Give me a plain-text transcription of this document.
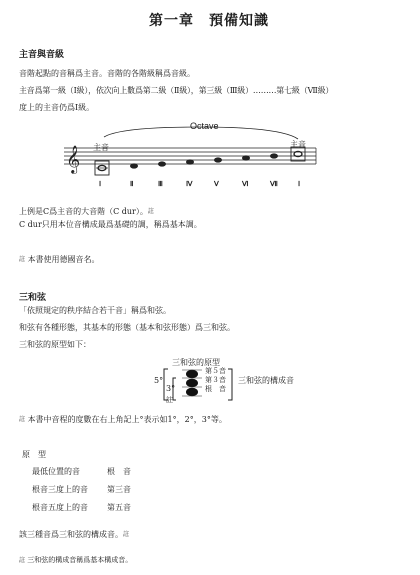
第一章　預備知識
主音與音級
音階起點的音稱爲主音。音階的各階級稱爲音級。
主音爲第一級（Ⅰ級），依次向上數爲第二級（Ⅱ級），第三級（Ⅲ級）………第七級（Ⅶ級）
度上的主音仍爲Ⅰ級。
𝄞 主音	主音
Octave
Ⅰ	Ⅱ	Ⅲ	Ⅳ	Ⅴ	Ⅵ	Ⅶ	Ⅰ
上例是C爲主音的大音階（C dur）。$^註$
C dur只用本位音構成最爲基礎的調，稱爲基本調。
$^註$ 本書使用德國音名。
三和弦
「依照規定的秩序結合若干音」稱爲和弦。
和弦有各種形態，其基本的形態（基本和弦形態）爲三和弦。
三和弦的原型如下：
三和弦的原型
5°
3°
第５音
第３音
根　音
三和弦的構成音
註
$^註$ 本書中音程的度數在右上角記上°表示如1°，2°，3°等。
原　型
最低位置的音	根　音
根音三度上的音 第三音
根音五度上的音 第五音
該三種音爲三和弦的構成音。$^註$
註 三和弦的構成音稱爲基本構成音。
